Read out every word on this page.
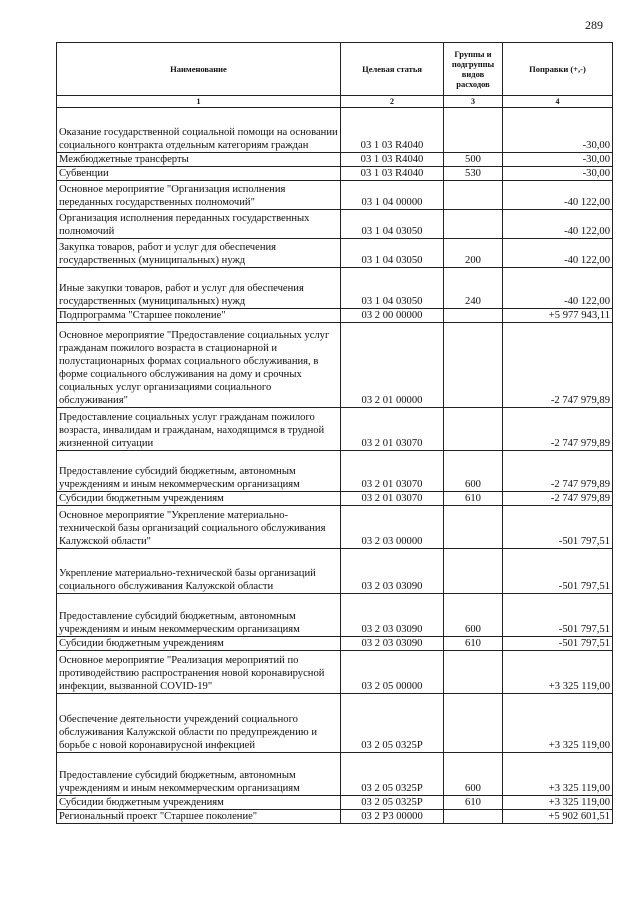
289
Наименование	Целевая статья	Группы и подгруппы видов расходов	Поправки (+,-)
1	2	3	4
Оказание государственной социальной помощи на основании социального контракта отдельным категориям граждан	03 1 03 R4040		-30,00
Межбюджетные трансферты	03 1 03 R4040	500	-30,00
Субвенции	03 1 03 R4040	530	-30,00
Основное мероприятие "Организация исполнения переданных государственных полномочий"	03 1 04 00000		-40 122,00
Организация исполнения переданных государственных полномочий	03 1 04 03050		-40 122,00
Закупка товаров, работ и услуг для обеспечения государственных (муниципальных) нужд	03 1 04 03050	200	-40 122,00
Иные закупки товаров, работ и услуг для обеспечения государственных (муниципальных) нужд	03 1 04 03050	240	-40 122,00
Подпрограмма "Старшее поколение"	03 2 00 00000		+5 977 943,11
Основное мероприятие "Предоставление социальных услуг гражданам пожилого возраста в стационарной и полустационарных формах социального обслуживания, в форме социального обслуживания на дому и срочных социальных услуг организациями социального обслуживания"	03 2 01 00000		-2 747 979,89
Предоставление социальных услуг гражданам пожилого возраста, инвалидам и гражданам, находящимся в трудной жизненной ситуации	03 2 01 03070		-2 747 979,89
Предоставление субсидий бюджетным, автономным учреждениям и иным некоммерческим организациям	03 2 01 03070	600	-2 747 979,89
Субсидии бюджетным учреждениям	03 2 01 03070	610	-2 747 979,89
Основное мероприятие "Укрепление материально-технической базы организаций социального обслуживания Калужской области"	03 2 03 00000		-501 797,51
Укрепление материально-технической базы организаций социального обслуживания Калужской области	03 2 03 03090		-501 797,51
Предоставление субсидий бюджетным, автономным учреждениям и иным некоммерческим организациям	03 2 03 03090	600	-501 797,51
Субсидии бюджетным учреждениям	03 2 03 03090	610	-501 797,51
Основное мероприятие "Реализация мероприятий по противодействию распространения новой коронавирусной инфекции, вызванной COVID-19"	03 2 05 00000		+3 325 119,00
Обеспечение деятельности учреждений социального обслуживания Калужской области по предупреждению и борьбе с новой коронавирусной инфекцией	03 2 05 0325P		+3 325 119,00
Предоставление субсидий бюджетным, автономным учреждениям и иным некоммерческим организациям	03 2 05 0325P	600	+3 325 119,00
Субсидии бюджетным учреждениям	03 2 05 0325P	610	+3 325 119,00
Региональный проект "Старшее поколение"	03 2 P3 00000		+5 902 601,51
